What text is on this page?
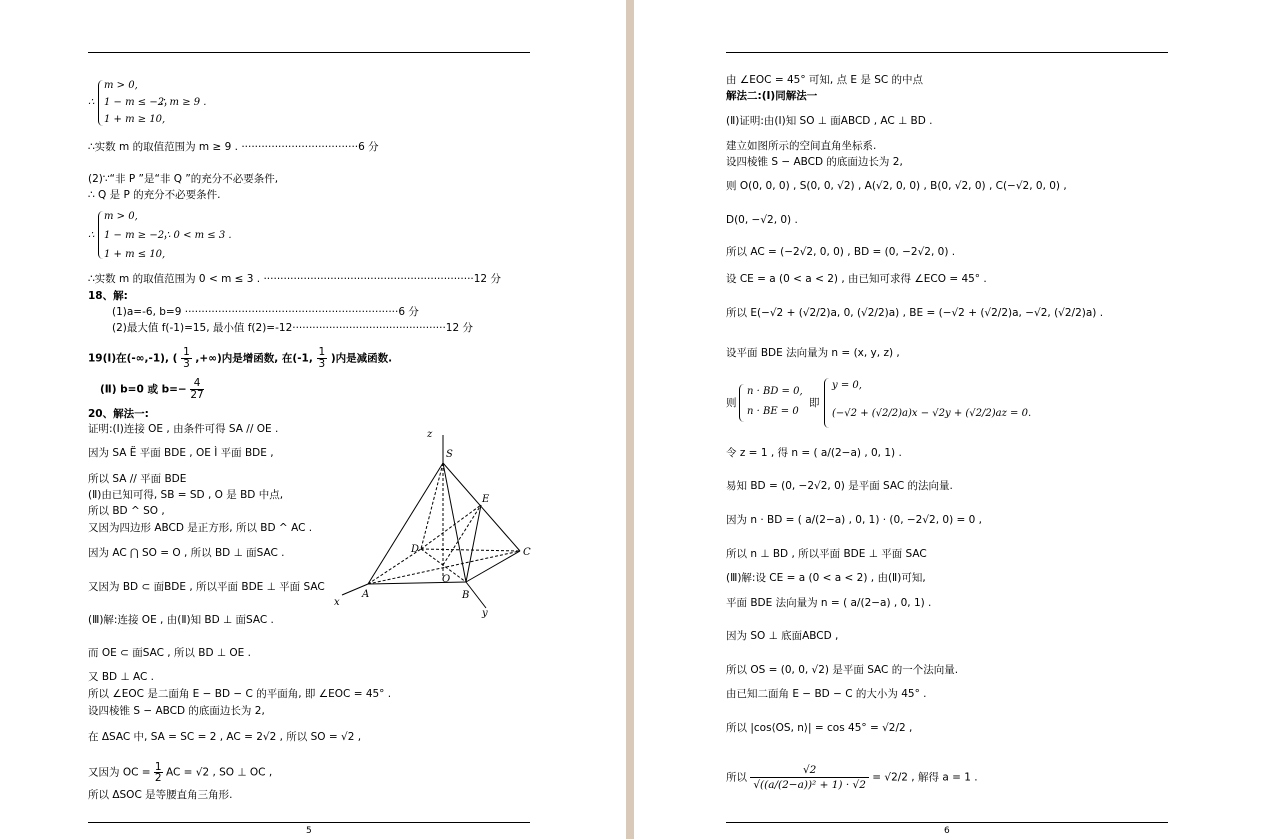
∴
m > 0,
1 − m ≤ −2,
1 + m ≥ 10,
∴ m ≥ 9 .
∴实数 m 的取值范围为 m ≥ 9 . ···································6 分
(2)∵“非 P ”是“非 Q ”的充分不必要条件,
∴ Q 是 P 的充分不必要条件.
∴
m > 0,
1 − m ≥ −2,
1 + m ≤ 10,
∴ 0 < m ≤ 3 .
∴实数 m 的取值范围为 0 < m ≤ 3 . ·······························································12 分
18、解:
(1)a=-6, b=9 ································································6 分
(2)最大值 f(-1)=15, 最小值 f(2)=-12··············································12 分
19(Ⅰ)在(-∞,-1), ( $\frac{1}{3}$ ,+∞)内是增函数, 在(-1, $\frac{1}{3}$ )内是减函数.
(Ⅱ) b=0 或 $b=- \frac{4}{27}$
20、解法一:
证明:(Ⅰ)连接 OE , 由条件可得 SA // OE .
因为 SA Ë 平面 BDE , OE Ì 平面 BDE ,
所以 SA // 平面 BDE
(Ⅱ)由已知可得, SB = SD , O 是 BD 中点,
所以 BD ^ SO ,
又因为四边形 ABCD 是正方形, 所以 BD ^ AC .
因为 AC ⋂ SO = O , 所以 BD ⊥ 面SAC .
又因为 BD ⊂ 面BDE , 所以平面 BDE ⊥ 平面 SAC
(Ⅲ)解:连接 OE , 由(Ⅱ)知 BD ⊥ 面SAC .
而 OE ⊂ 面SAC , 所以 BD ⊥ OE .
又 BD ⊥ AC .
所以 ∠EOC 是二面角 E − BD − C 的平面角, 即 ∠EOC = 45° .
设四棱锥 S − ABCD 的底面边长为 2,
在 ΔSAC 中, SA = SC = 2 , AC = 2√2 , 所以 SO = √2 ,
又因为 OC = $\frac{1}{2}$ AC = √2 , SO ⊥ OC ,
所以 ΔSOC 是等腰直角三角形.
z
S
E
D	C
O
A	B
x
y
5
由 ∠EOC = 45° 可知, 点 E 是 SC 的中点
解法二:(Ⅰ)同解法一
(Ⅱ)证明:由(Ⅰ)知 SO ⊥ 面ABCD , AC ⊥ BD .
建立如图所示的空间直角坐标系.
设四棱锥 S − ABCD 的底面边长为 2,
则 O(0, 0, 0) , S(0, 0, √2) , A(√2, 0, 0) , B(0, √2, 0) , C(−√2, 0, 0) ,
D(0, −√2, 0) .
所以 AC = (−2√2, 0, 0) , BD = (0, −2√2, 0) .
设 CE = a (0 < a < 2) , 由已知可求得 ∠ECO = 45° .
所以 E(−√2 + (√2/2)a, 0, (√2/2)a) , BE = (−√2 + (√2/2)a, −√2, (√2/2)a) .
设平面 BDE 法向量为 n = (x, y, z) ,
则
n · BD = 0,
n · BE = 0
即
y = 0,
(−√2 + (√2/2)a)x − √2y + (√2/2)az = 0.
令 z = 1 , 得 n = ( a/(2−a) , 0, 1) .
易知 BD = (0, −2√2, 0) 是平面 SAC 的法向量.
因为 n · BD = ( a/(2−a) , 0, 1) · (0, −2√2, 0) = 0 ,
所以 n ⊥ BD , 所以平面 BDE ⊥ 平面 SAC
(Ⅲ)解:设 CE = a (0 < a < 2) , 由(Ⅱ)可知,
平面 BDE 法向量为 n = ( a/(2−a) , 0, 1) .
因为 SO ⊥ 底面ABCD ,
所以 OS = (0, 0, √2) 是平面 SAC 的一个法向量.
由已知二面角 E − BD − C 的大小为 45° .
所以 |cos⟨OS, n⟩| = cos 45° = √2/2 ,
所以 $\frac{√2}{\text{√((a/(2−a))² + 1) · √2}} = √2/2$ , 解得 a = 1 .
6
